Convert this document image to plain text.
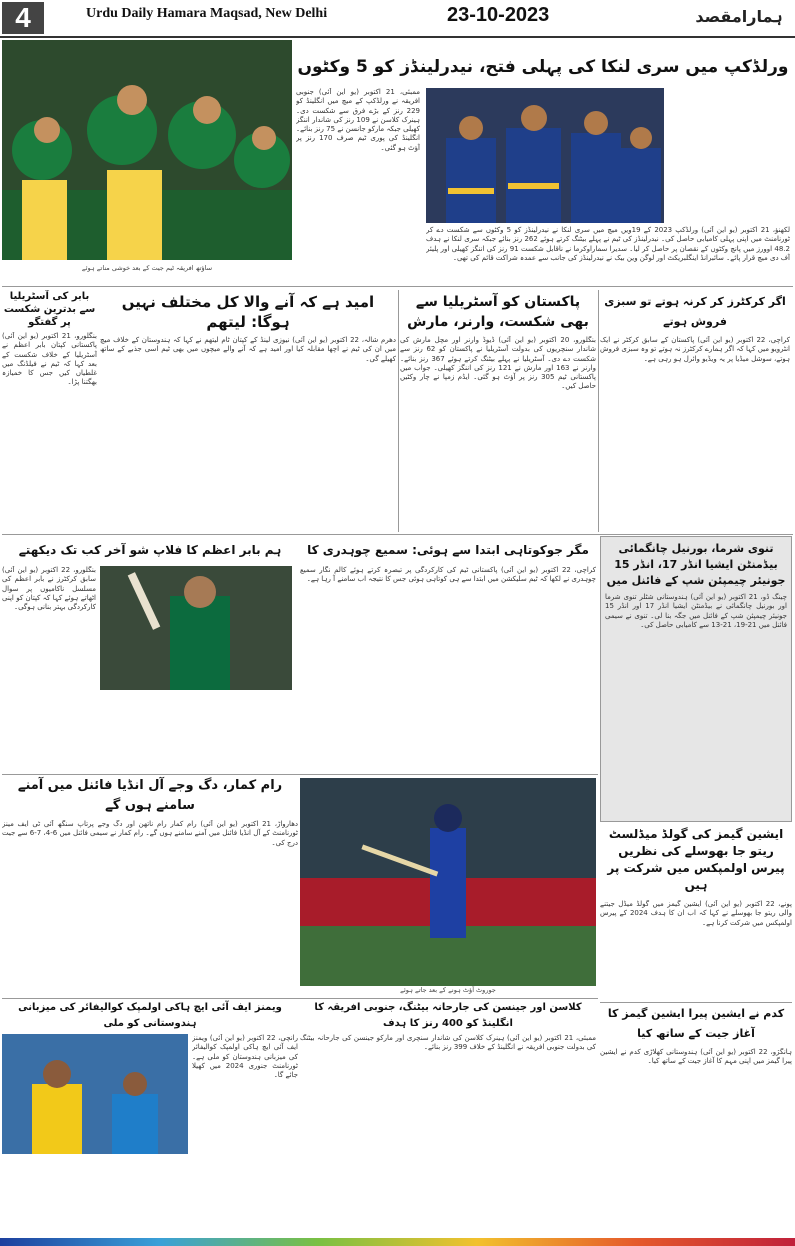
4	Urdu Daily Hamara Maqsad, New Delhi	23-10-2023	ہمارامقصد
ساؤتھ افریقہ ٹیم جیت کے بعد خوشی مناتے ہوئے
ممبئی، 21 اکتوبر (یو این آئی) جنوبی افریقہ نے ورلڈکپ کے میچ میں انگلینڈ کو 229 رنز کے بڑے فرق سے شکست دی۔ ہینرک کلاسن نے 109 رنز کی شاندار اننگز کھیلی جبکہ مارکو جانسن نے 75 رنز بنائے۔ انگلینڈ کی پوری ٹیم صرف 170 رنز پر آؤٹ ہو گئی۔
ورلڈکپ میں سری لنکا کی پہلی فتح، نیدرلینڈز کو 5 وکٹوں
لکھنؤ، 21 اکتوبر (یو این آئی) ورلڈکپ 2023 کے 19ویں میچ میں سری لنکا نے نیدرلینڈز کو 5 وکٹوں سے شکست دے کر ٹورنامنٹ میں اپنی پہلی کامیابی حاصل کی۔ نیدرلینڈز کی ٹیم نے پہلے بیٹنگ کرتے ہوئے 262 رنز بنائے جبکہ سری لنکا نے ہدف 48.2 اوورز میں پانچ وکٹوں کے نقصان پر حاصل کر لیا۔ سدیرا سماراوکرما نے ناقابل شکست 91 رنز کی اننگز کھیلی اور پلیئر آف دی میچ قرار پائے۔ سائبرانڈ اینگلبریکٹ اور لوگن وین بیک نے نیدرلینڈز کی جانب سے عمدہ شراکت قائم کی تھی۔
بابر کی آسٹریلیا سے بدترین شکست پر گفتگو
بنگلورو، 21 اکتوبر (یو این آئی) پاکستانی کپتان بابر اعظم نے آسٹریلیا کے خلاف شکست کے بعد کہا کہ ٹیم نے فیلڈنگ میں غلطیاں کیں جس کا خمیازہ بھگتنا پڑا۔
امید ہے کہ آنے والا کل مختلف نہیں ہوگا: لیتھم
دھرم شالہ، 22 اکتوبر (یو این آئی) نیوزی لینڈ کے کپتان ٹام لیتھم نے کہا کہ ہندوستان کے خلاف میچ میں ان کی ٹیم نے اچھا مقابلہ کیا اور امید ہے کہ آنے والے میچوں میں بھی ٹیم اسی جذبے کے ساتھ کھیلے گی۔
پاکستان کو آسٹریلیا سے بھی شکست، وارنر، مارش
بنگلورو، 20 اکتوبر (یو این آئی) ڈیوڈ وارنر اور مچل مارش کی شاندار سنچریوں کی بدولت آسٹریلیا نے پاکستان کو 62 رنز سے شکست دے دی۔ آسٹریلیا نے پہلے بیٹنگ کرتے ہوئے 367 رنز بنائے۔ وارنر نے 163 اور مارش نے 121 رنز کی اننگز کھیلی۔ جواب میں پاکستانی ٹیم 305 رنز پر آؤٹ ہو گئی۔ ایڈم زمپا نے چار وکٹیں حاصل کیں۔
اگر کرکٹرز کر کرنہ ہوتے تو سبزی فروش ہوتے
کراچی، 22 اکتوبر (یو این آئی) پاکستان کے سابق کرکٹر نے ایک انٹرویو میں کہا کہ اگر ہمارے کرکٹرز نہ ہوتے تو وہ سبزی فروش ہوتے، سوشل میڈیا پر یہ ویڈیو وائرل ہو رہی ہے۔
ہم بابر اعظم کا فلاپ شو آخر کب تک دیکھتے	مگر جوکوتاہی ابتدا سے ہوئی: سمیع چوہدری کا
بنگلورو، 22 اکتوبر (یو این آئی) سابق کرکٹرز نے بابر اعظم کی مسلسل ناکامیوں پر سوال اٹھاتے ہوئے کہا کہ کپتان کو اپنی کارکردگی بہتر بنانی ہوگی۔
کراچی، 22 اکتوبر (یو این آئی) پاکستانی ٹیم کی کارکردگی پر تبصرہ کرتے ہوئے کالم نگار سمیع چوہدری نے لکھا کہ ٹیم سلیکشن میں ابتدا سے ہی کوتاہی ہوئی جس کا نتیجہ اب سامنے آ رہا ہے۔
تنوی شرما، بورنیل چانگمائی بیڈمنٹن ایشیا انڈر 17، انڈر 15 جونیئر چیمپئن شپ کے فائنل میں
چینگ ڈو، 21 اکتوبر (یو این آئی) ہندوستانی شٹلر تنوی شرما اور بورنیل چانگمائی نے بیڈمنٹن ایشیا انڈر 17 اور انڈر 15 جونیئر چیمپئن شپ کے فائنل میں جگہ بنا لی۔ تنوی نے سیمی فائنل میں 21-19، 21-13 سے کامیابی حاصل کی۔
رام کمار، دگ وجے آل انڈیا فائنل میں آمنے سامنے ہوں گے
دھارواڑ، 21 اکتوبر (یو این آئی) رام کمار رام ناتھن اور دگ وجے پرتاپ سنگھ آئی ٹی ایف مینز ٹورنامنٹ کے آل انڈیا فائنل میں آمنے سامنے ہوں گے۔ رام کمار نے سیمی فائنل میں 6-4، 7-6 سے جیت درج کی۔
جوروٹ آؤٹ ہونے کے بعد جاتے ہوئے
ایشین گیمز کی گولڈ میڈلسٹ ریتو جا بھوسلے کی نظریں پیرس اولمپکس میں شرکت پر ہیں
پونے، 22 اکتوبر (یو این آئی) ایشین گیمز میں گولڈ میڈل جیتنے والی ریتو جا بھوسلے نے کہا کہ اب ان کا ہدف 2024 کے پیرس اولمپکس میں شرکت کرنا ہے۔
ویمنز ایف آئی ایچ ہاکی اولمپک کوالیفائر کی میزبانی ہندوستانی کو ملی
کلاسن اور جینسن کی جارحانہ بیٹنگ، جنوبی افریقہ کا انگلینڈ کو 400 رنز کا ہدف
رانچی، 22 اکتوبر (یو این آئی) ویمنز ایف آئی ایچ ہاکی اولمپک کوالیفائر کی میزبانی ہندوستان کو ملی ہے۔ ٹورنامنٹ جنوری 2024 میں کھیلا جائے گا۔
ممبئی، 21 اکتوبر (یو این آئی) ہینرک کلاسن کی شاندار سنچری اور مارکو جینسن کی جارحانہ بیٹنگ کی بدولت جنوبی افریقہ نے انگلینڈ کے خلاف 399 رنز بنائے۔
کدم نے ایشین پیرا ایشین گیمز کا آغاز جیت کے ساتھ کیا
ہانگژو، 22 اکتوبر (یو این آئی) ہندوستانی کھلاڑی کدم نے ایشین پیرا گیمز میں اپنی مہم کا آغاز جیت کے ساتھ کیا۔
